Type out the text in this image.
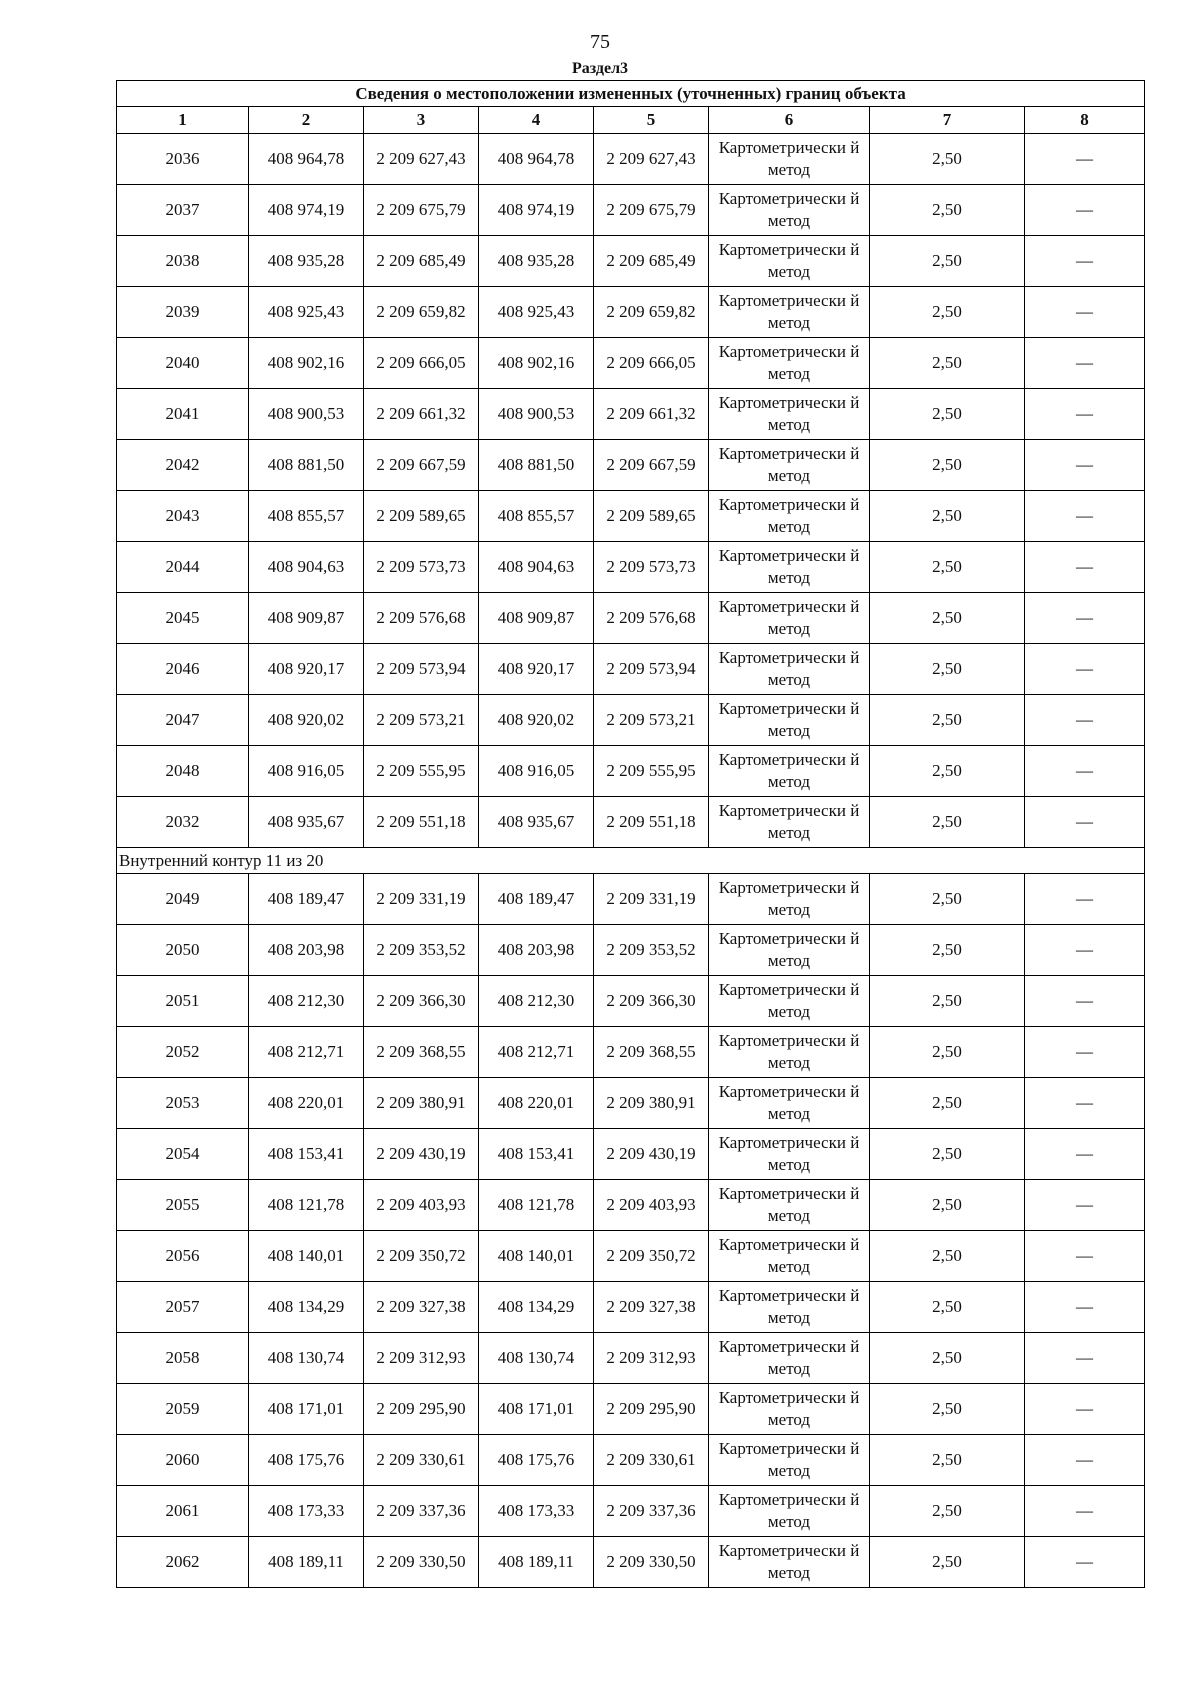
75
Раздел3
Сведения о местоположении измененных (уточненных) границ объекта							
1	2	3	4	5	6	7	8
2036	408 964,78	2 209 627,43	408 964,78	2 209 627,43	Картометрически й метод	2,50	—
2037	408 974,19	2 209 675,79	408 974,19	2 209 675,79	Картометрически й метод	2,50	—
2038	408 935,28	2 209 685,49	408 935,28	2 209 685,49	Картометрически й метод	2,50	—
2039	408 925,43	2 209 659,82	408 925,43	2 209 659,82	Картометрически й метод	2,50	—
2040	408 902,16	2 209 666,05	408 902,16	2 209 666,05	Картометрически й метод	2,50	—
2041	408 900,53	2 209 661,32	408 900,53	2 209 661,32	Картометрически й метод	2,50	—
2042	408 881,50	2 209 667,59	408 881,50	2 209 667,59	Картометрически й метод	2,50	—
2043	408 855,57	2 209 589,65	408 855,57	2 209 589,65	Картометрически й метод	2,50	—
2044	408 904,63	2 209 573,73	408 904,63	2 209 573,73	Картометрически й метод	2,50	—
2045	408 909,87	2 209 576,68	408 909,87	2 209 576,68	Картометрически й метод	2,50	—
2046	408 920,17	2 209 573,94	408 920,17	2 209 573,94	Картометрически й метод	2,50	—
2047	408 920,02	2 209 573,21	408 920,02	2 209 573,21	Картометрически й метод	2,50	—
2048	408 916,05	2 209 555,95	408 916,05	2 209 555,95	Картометрически й метод	2,50	—
2032	408 935,67	2 209 551,18	408 935,67	2 209 551,18	Картометрически й метод	2,50	—
Внутренний контур 11 из 20							
2049	408 189,47	2 209 331,19	408 189,47	2 209 331,19	Картометрически й метод	2,50	—
2050	408 203,98	2 209 353,52	408 203,98	2 209 353,52	Картометрически й метод	2,50	—
2051	408 212,30	2 209 366,30	408 212,30	2 209 366,30	Картометрически й метод	2,50	—
2052	408 212,71	2 209 368,55	408 212,71	2 209 368,55	Картометрически й метод	2,50	—
2053	408 220,01	2 209 380,91	408 220,01	2 209 380,91	Картометрически й метод	2,50	—
2054	408 153,41	2 209 430,19	408 153,41	2 209 430,19	Картометрически й метод	2,50	—
2055	408 121,78	2 209 403,93	408 121,78	2 209 403,93	Картометрически й метод	2,50	—
2056	408 140,01	2 209 350,72	408 140,01	2 209 350,72	Картометрически й метод	2,50	—
2057	408 134,29	2 209 327,38	408 134,29	2 209 327,38	Картометрически й метод	2,50	—
2058	408 130,74	2 209 312,93	408 130,74	2 209 312,93	Картометрически й метод	2,50	—
2059	408 171,01	2 209 295,90	408 171,01	2 209 295,90	Картометрически й метод	2,50	—
2060	408 175,76	2 209 330,61	408 175,76	2 209 330,61	Картометрически й метод	2,50	—
2061	408 173,33	2 209 337,36	408 173,33	2 209 337,36	Картометрически й метод	2,50	—
2062	408 189,11	2 209 330,50	408 189,11	2 209 330,50	Картометрически й метод	2,50	—
